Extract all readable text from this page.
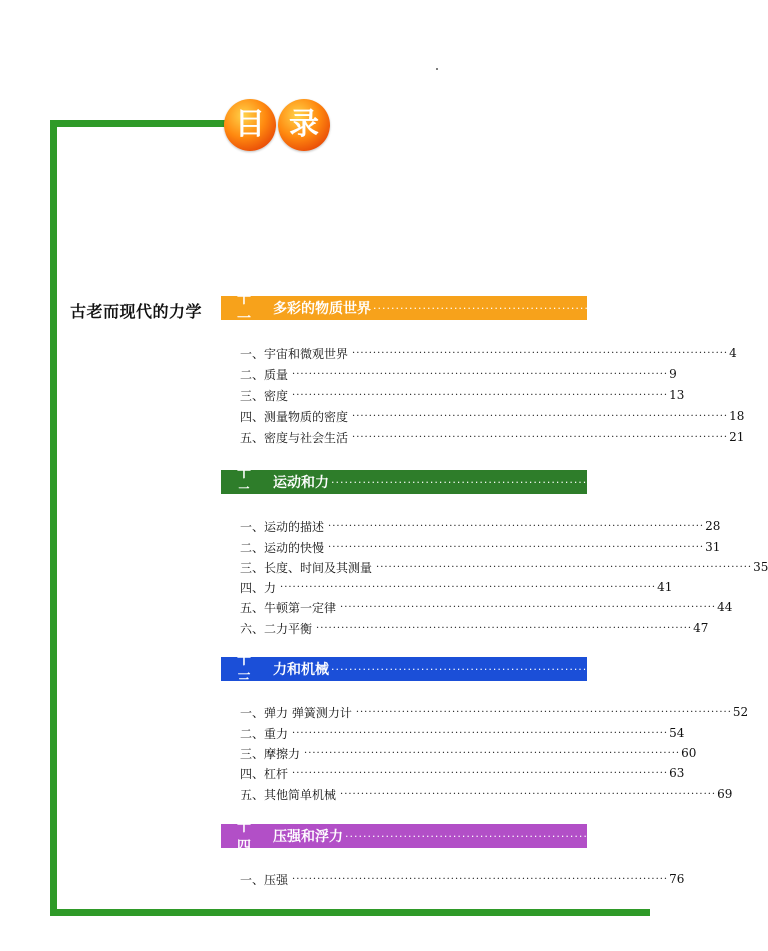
目 录
古老而现代的力学
第十一章
多彩的物质世界 ······································································· 3
一、宇宙和微观世界 ·························································································· 4
二、质量 ·························································································· 9
三、密度 ·························································································· 13
四、测量物质的密度 ·························································································· 18
五、密度与社会生活 ·························································································· 21
第十二章
运动和力 ······································································· 27
一、运动的描述 ·························································································· 28
二、运动的快慢 ·························································································· 31
三、长度、时间及其测量 ·························································································· 35
四、力 ·························································································· 41
五、牛顿第一定律 ·························································································· 44
六、二力平衡 ·························································································· 47
第十三章
力和机械 ······································································· 51
一、弹力 弹簧测力计 ·························································································· 52
二、重力 ·························································································· 54
三、摩擦力 ·························································································· 60
四、杠杆 ·························································································· 63
五、其他简单机械 ·························································································· 69
第十四章
压强和浮力 ······································································· 75
一、压强 ·························································································· 76
